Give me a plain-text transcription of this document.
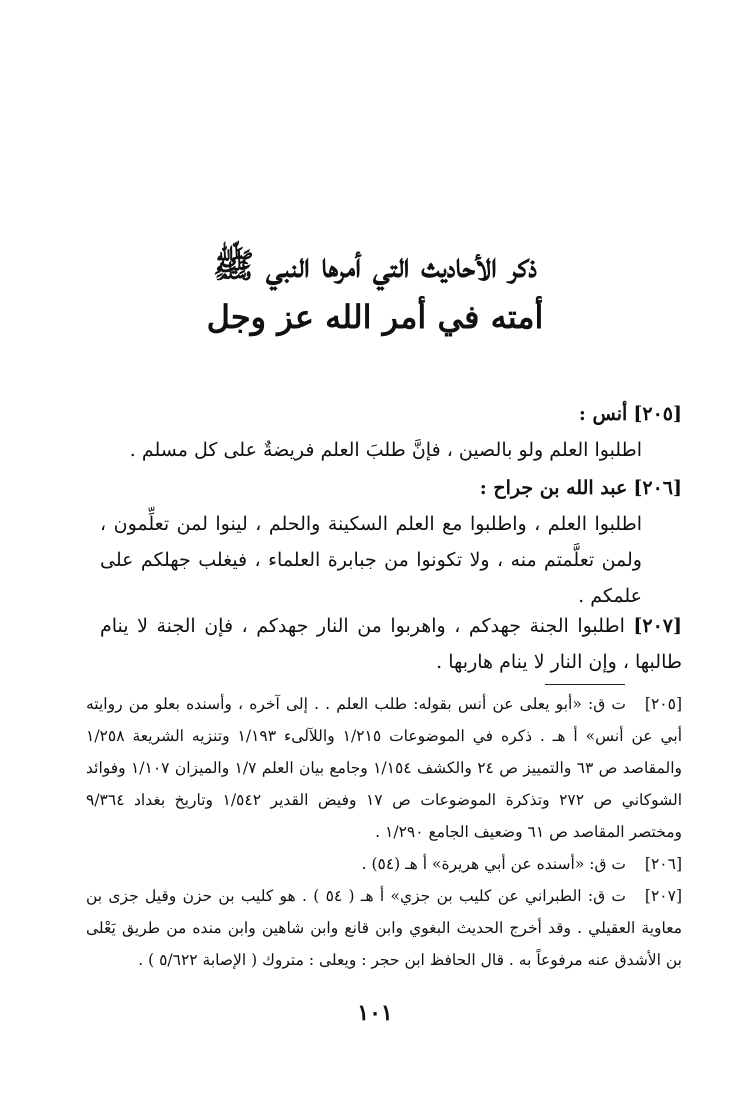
ذكر الأحاديث التي أمرها النبي ﷺ
أمته في أمر الله عز وجل
[٢٠٥] أنس :
اطلبوا العلم ولو بالصين ، فإنَّ طلبَ العلم فريضةٌ على كل مسلم .
[٢٠٦] عبد الله بن جراح :
اطلبوا العلم ، واطلبوا مع العلم السكينة والحلم ، لينوا لمن تعلِّمون ، ولمن تعلَّمتم منه ، ولا تكونوا من جبابرة العلماء ، فيغلب جهلكم على علمكم .
[٢٠٧] اطلبوا الجنة جهدكم ، واهربوا من النار جهدكم ، فإن الجنة لا ينام طالبها ، وإن النار لا ينام هاربها .
[٢٠٥]ت ق: «أبو يعلى عن أنس بقوله: طلب العلم . . إلى آخره ، وأسنده بعلو من روايته أبي عن أنس» أ هـ . ذكره في الموضوعات ١/٢١٥ واللآلىء ١/١٩٣ وتنزيه الشريعة ١/٢٥٨ والمقاصد ص ٦٣ والتمييز ص ٢٤ والكشف ١/١٥٤ وجامع بيان العلم ١/٧ والميزان ١/١٠٧ وفوائد الشوكاني ص ٢٧٢ وتذكرة الموضوعات ص ١٧ وفيض القدير ١/٥٤٢ وتاريخ بغداد ٩/٣٦٤ ومختصر المقاصد ص ٦١ وضعيف الجامع ١/٢٩٠ .
[٢٠٦]ت ق: «أسنده عن أبي هريرة» أ هـ (٥٤) .
[٢٠٧]ت ق: الطبراني عن كليب بن جزي» أ هـ ( ٥٤ ) . هو كليب بن حزن وقيل جزى بن معاوية العقيلي . وقد أخرج الحديث البغوي وابن قانع وابن شاهين وابن منده من طريق يَعْلى بن الأشدق عنه مرفوعاً به . قال الحافظ ابن حجر : ويعلى : متروك ( الإصابة ٥/٦٢٢ ) .
١٠١
